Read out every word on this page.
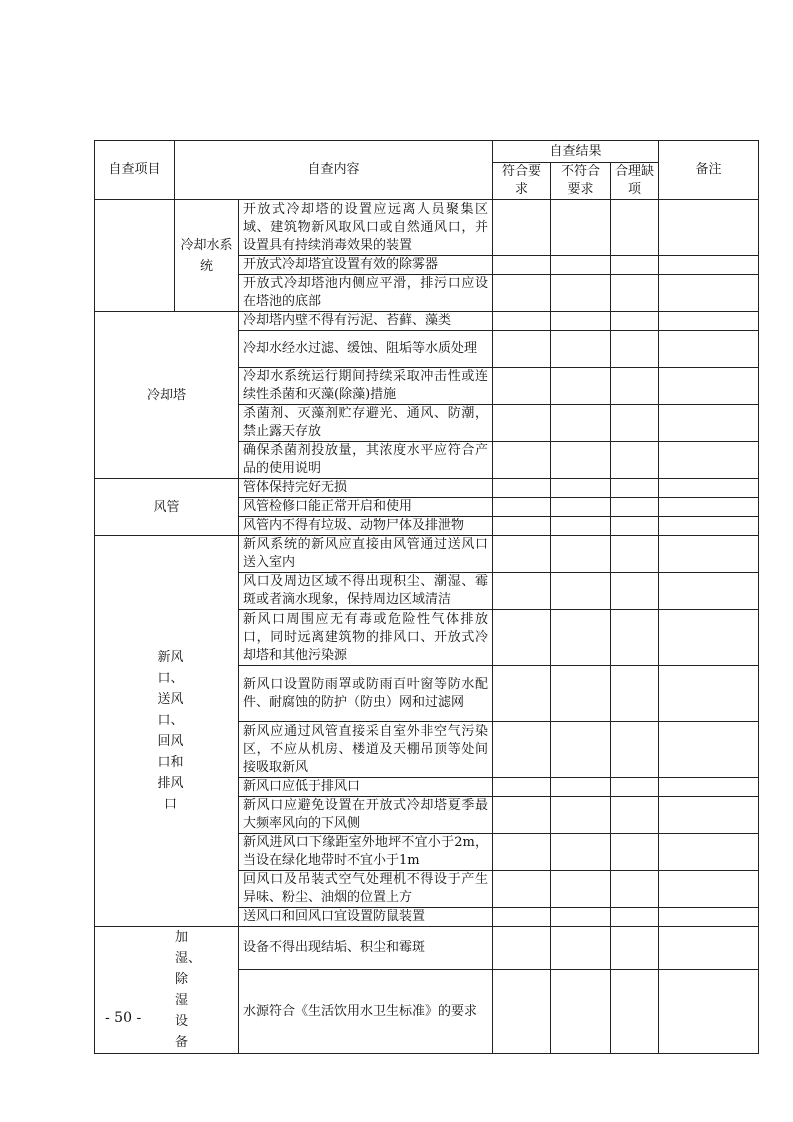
自查项目	自查内容		自查结果			备注
			符合要求	不符合要求	合理缺项	
	冷却水系统	开放式冷却塔的设置应远离人员聚集区域、建筑物新风取风口或自然通风口，并设置具有持续消毒效果的装置				
		开放式冷却塔宜设置有效的除雾器				
		开放式冷却塔池内侧应平滑，排污口应设在塔池的底部				
冷却塔		冷却塔内壁不得有污泥、苔藓、藻类				
		冷却水经水过滤、缓蚀、阻垢等水质处理				
		冷却水系统运行期间持续采取冲击性或连续性杀菌和灭藻(除藻)措施				
		杀菌剂、灭藻剂贮存避光、通风、防潮，禁止露天存放				
		确保杀菌剂投放量，其浓度水平应符合产品的使用说明				
风管		管体保持完好无损				
		风管检修口能正常开启和使用				
		风管内不得有垃圾、动物尸体及排泄物				
新风口、送风口、回风口和排风口		新风系统的新风应直接由风管通过送风口送入室内				
		风口及周边区域不得出现积尘、潮湿、霉斑或者滴水现象，保持周边区域清洁				
		新风口周围应无有毒或危险性气体排放口，同时远离建筑物的排风口、开放式冷却塔和其他污染源				
		新风口设置防雨罩或防雨百叶窗等防水配件、耐腐蚀的防护（防虫）网和过滤网				
		新风应通过风管直接采自室外非空气污染区，不应从机房、楼道及天棚吊顶等处间接吸取新风				
		新风口应低于排风口				
		新风口应避免设置在开放式冷却塔夏季最大频率风向的下风侧				
		新风进风口下缘距室外地坪不宜小于2m，当设在绿化地带时不宜小于1m				
		回风口及吊装式空气处理机不得设于产生异味、粉尘、油烟的位置上方				
		送风口和回风口宜设置防鼠装置				
加湿、除湿设备		设备不得出现结垢、积尘和霉斑				
		水源符合《生活饮用水卫生标准》的要求				
- 50 -
